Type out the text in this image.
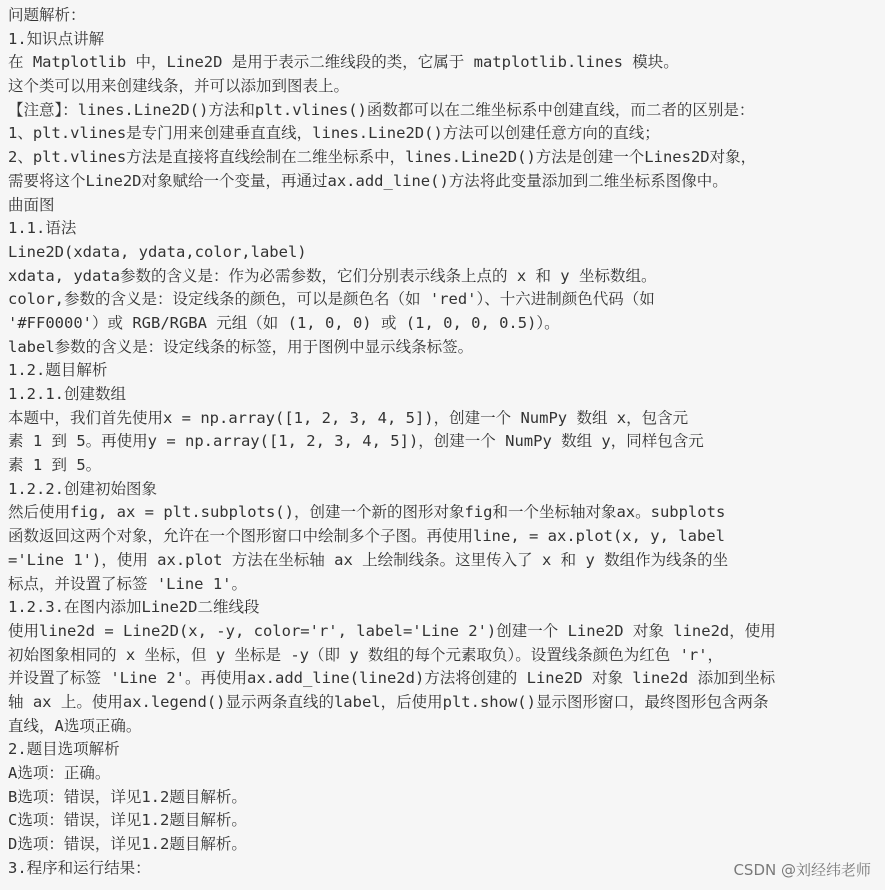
问题解析：
1.知识点讲解
在 Matplotlib 中，Line2D 是用于表示二维线段的类，它属于 matplotlib.lines 模块。
这个类可以用来创建线条，并可以添加到图表上。
【注意】：lines.Line2D()方法和plt.vlines()函数都可以在二维坐标系中创建直线，而二者的区别是：
1、plt.vlines是专门用来创建垂直直线，lines.Line2D()方法可以创建任意方向的直线；
2、plt.vlines方法是直接将直线绘制在二维坐标系中，lines.Line2D()方法是创建一个Lines2D对象，
需要将这个Line2D对象赋给一个变量，再通过ax.add_line()方法将此变量添加到二维坐标系图像中。
曲面图
1.1.语法
Line2D(xdata, ydata,color,label)
xdata, ydata参数的含义是：作为必需参数，它们分别表示线条上点的 x 和 y 坐标数组。
color,参数的含义是：设定线条的颜色，可以是颜色名（如 'red'）、十六进制颜色代码（如
'#FF0000'）或 RGB/RGBA 元组（如 (1, 0, 0) 或 (1, 0, 0, 0.5)）。
label参数的含义是：设定线条的标签，用于图例中显示线条标签。
1.2.题目解析
1.2.1.创建数组
本题中，我们首先使用x = np.array([1, 2, 3, 4, 5])，创建一个 NumPy 数组 x，包含元
素 1 到 5。再使用y = np.array([1, 2, 3, 4, 5])，创建一个 NumPy 数组 y，同样包含元
素 1 到 5。
1.2.2.创建初始图象
然后使用fig, ax = plt.subplots()，创建一个新的图形对象fig和一个坐标轴对象ax。subplots
函数返回这两个对象，允许在一个图形窗口中绘制多个子图。再使用line, = ax.plot(x, y, label
='Line 1')，使用 ax.plot 方法在坐标轴 ax 上绘制线条。这里传入了 x 和 y 数组作为线条的坐
标点，并设置了标签 'Line 1'。
1.2.3.在图内添加Line2D二维线段
使用line2d = Line2D(x, -y, color='r', label='Line 2')创建一个 Line2D 对象 line2d，使用
初始图象相同的 x 坐标，但 y 坐标是 -y（即 y 数组的每个元素取负）。设置线条颜色为红色 'r'，
并设置了标签 'Line 2'。再使用ax.add_line(line2d)方法将创建的 Line2D 对象 line2d 添加到坐标
轴 ax 上。使用ax.legend()显示两条直线的label，后使用plt.show()显示图形窗口，最终图形包含两条
直线，A选项正确。
2.题目选项解析
A选项：正确。
B选项：错误，详见1.2题目解析。
C选项：错误，详见1.2题目解析。
D选项：错误，详见1.2题目解析。
3.程序和运行结果：	CSDN @刘经纬老师
